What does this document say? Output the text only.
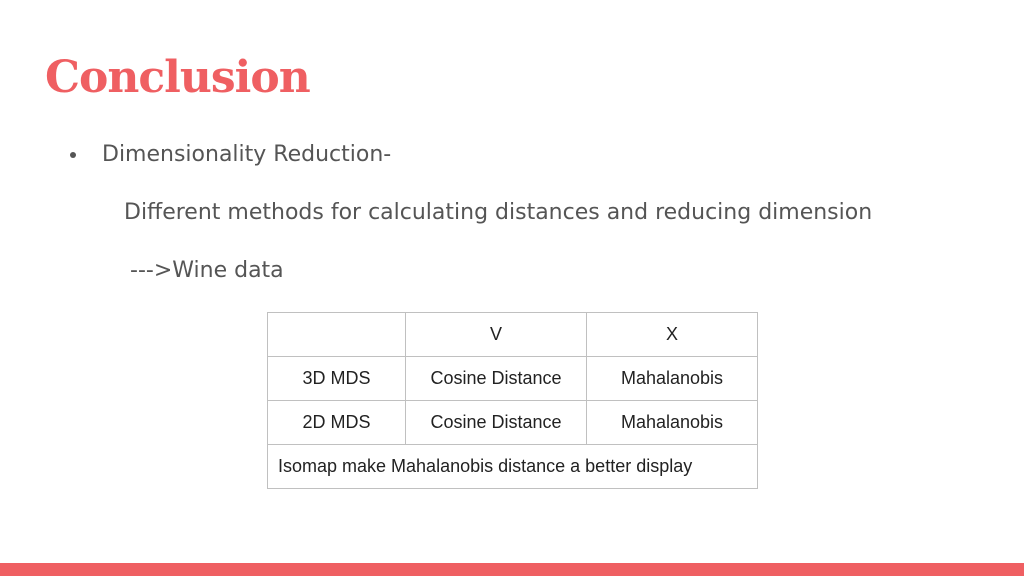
Conclusion
Dimensionality Reduction-
Different methods for calculating distances and reducing dimension
--->Wine data
	V	X
3D MDS	Cosine Distance	Mahalanobis
2D MDS	Cosine Distance	Mahalanobis
Isomap make Mahalanobis distance a better display		
